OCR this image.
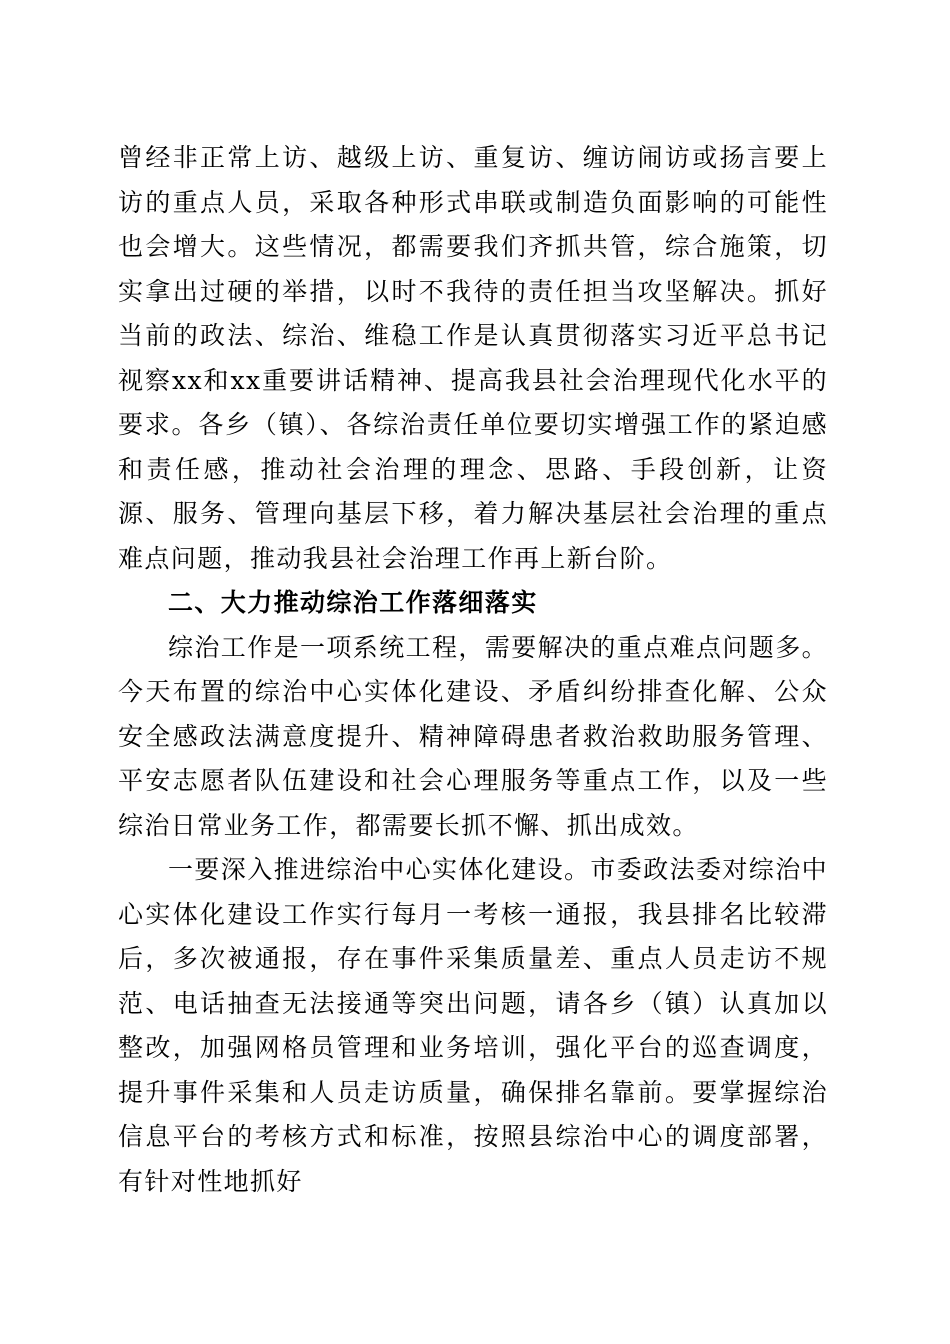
曾经非正常上访、越级上访、重复访、缠访闹访或扬言要上访的重点人员，采取各种形式串联或制造负面影响的可能性也会增大。这些情况，都需要我们齐抓共管，综合施策，切实拿出过硬的举措，以时不我待的责任担当攻坚解决。抓好当前的政法、综治、维稳工作是认真贯彻落实习近平总书记视察xx和xx重要讲话精神、提高我县社会治理现代化水平的要求。各乡（镇）、各综治责任单位要切实增强工作的紧迫感和责任感，推动社会治理的理念、思路、手段创新，让资源、服务、管理向基层下移，着力解决基层社会治理的重点难点问题，推动我县社会治理工作再上新台阶。

二、大力推动综治工作落细落实

综治工作是一项系统工程，需要解决的重点难点问题多。今天布置的综治中心实体化建设、矛盾纠纷排查化解、公众安全感政法满意度提升、精神障碍患者救治救助服务管理、平安志愿者队伍建设和社会心理服务等重点工作，以及一些综治日常业务工作，都需要长抓不懈、抓出成效。

一要深入推进综治中心实体化建设。市委政法委对综治中心实体化建设工作实行每月一考核一通报，我县排名比较滞后，多次被通报，存在事件采集质量差、重点人员走访不规范、电话抽查无法接通等突出问题，请各乡（镇）认真加以整改，加强网格员管理和业务培训，强化平台的巡查调度，提升事件采集和人员走访质量，确保排名靠前。要掌握综治信息平台的考核方式和标准，按照县综治中心的调度部署，有针对性地抓好
